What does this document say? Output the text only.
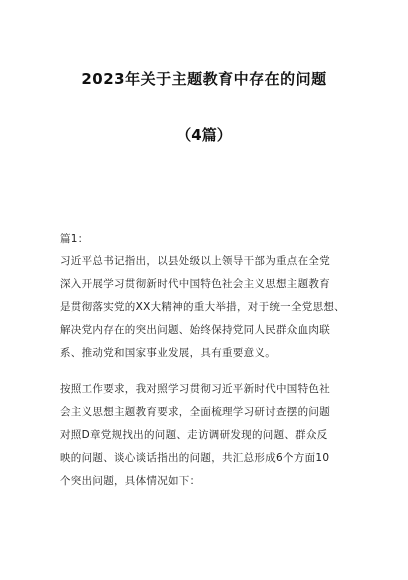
2023年关于主题教育中存在的问题
（4篇）
篇1：
习近平总书记指出，以县处级以上领导干部为重点在全党
深入开展学习贯彻新时代中国特色社会主义思想主题教育
是贯彻落实党的XX大精神的重大举措，对于统一全党思想、
解决党内存在的突出问题、始终保持党同人民群众血肉联
系、推动党和国家事业发展，具有重要意义。
按照工作要求，我对照学习贯彻习近平新时代中国特色社
会主义思想主题教育要求，全面梳理学习研讨查摆的问题
对照D章党规找出的问题、走访调研发现的问题、群众反
映的问题、谈心谈话指出的问题，共汇总形成6个方面10
个突出问题，具体情况如下：
